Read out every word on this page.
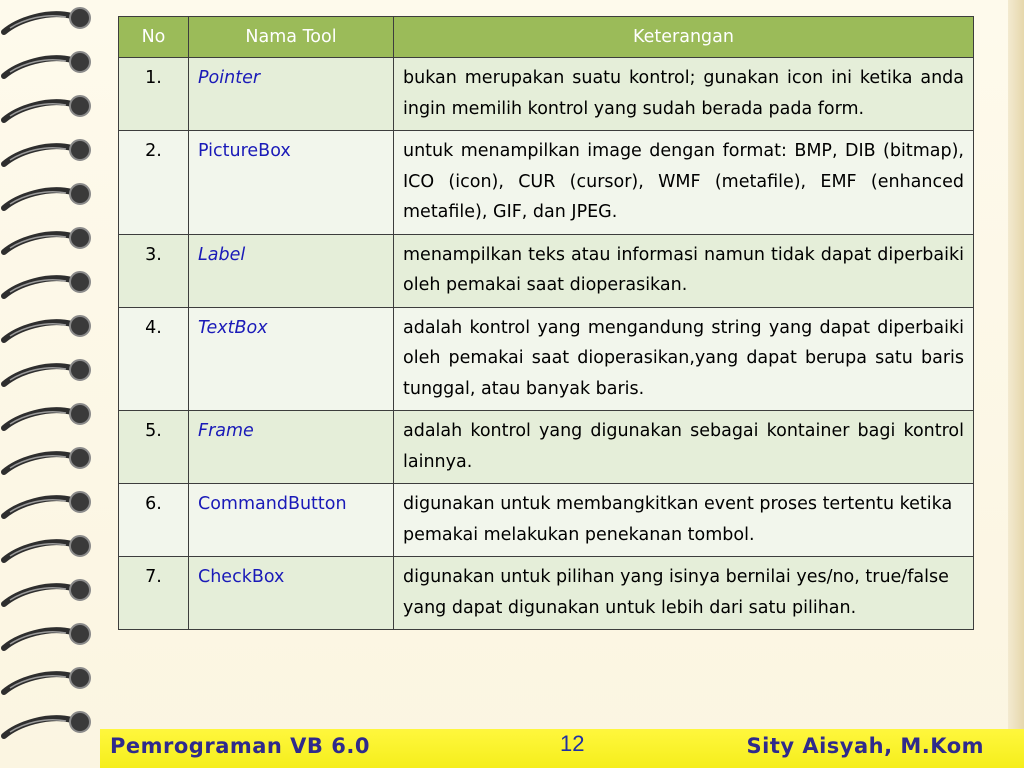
No	Nama Tool	Keterangan
1.	Pointer	bukan merupakan suatu kontrol; gunakan icon ini ketika anda ingin memilih kontrol yang sudah berada pada form.
2.	PictureBox	untuk menampilkan image dengan format: BMP, DIB (bitmap), ICO (icon), CUR (cursor), WMF (metafile), EMF (enhanced metafile), GIF, dan JPEG.
3.	Label	menampilkan teks atau informasi namun tidak dapat diperbaiki oleh pemakai saat dioperasikan.
4.	TextBox	adalah kontrol yang mengandung string yang dapat diperbaiki oleh pemakai saat dioperasikan,yang dapat berupa satu baris tunggal, atau banyak baris.
5.	Frame	adalah kontrol yang digunakan sebagai kontainer bagi kontrol lainnya.
6.	CommandButton	digunakan untuk membangkitkan event proses tertentu ketika pemakai melakukan penekanan tombol.
7.	CheckBox	digunakan untuk pilihan yang isinya bernilai yes/no, true/false yang dapat digunakan untuk lebih dari satu pilihan.
Pemrograman VB 6.0	12	Sity Aisyah, M.Kom
